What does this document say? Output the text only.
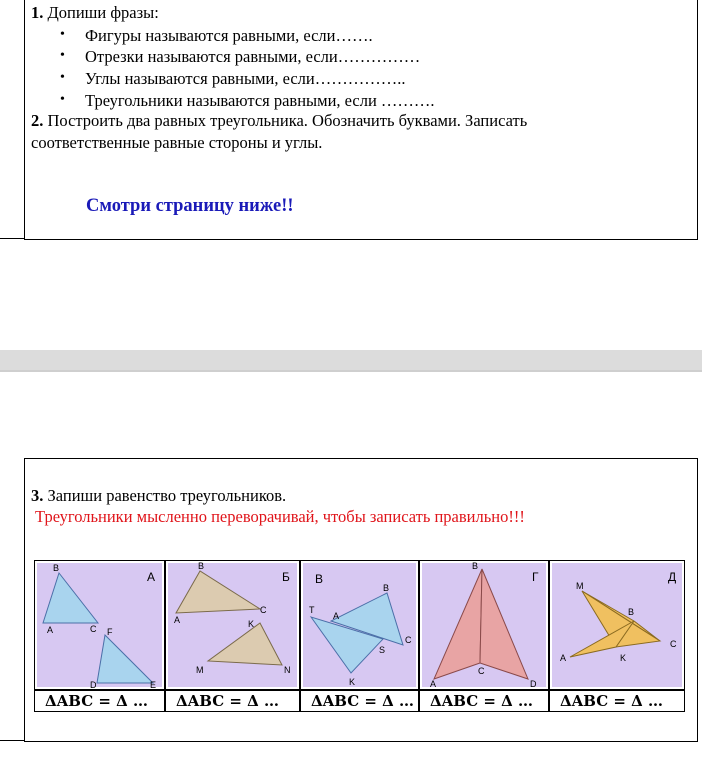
1. Допиши фразы:
• Фигуры называются равными, если…….
• Отрезки называются равными, если……………
• Углы называются равными, если……………..
• Треугольники называются равными, если ……….
2. Построить два равных треугольника. Обозначить буквами. Записать
соответственные равные стороны и углы.
Смотри страницу ниже!!
3. Запиши равенство треугольников.
Треугольники мысленно переворачивай, чтобы записать правильно!!!
B
A	C F
D	E
А
B
A
C
K
M	N
Б В
B
T
A
C
S
K
B
C
A	D
Г
M
B
C
A	K
Д
ΔABC = Δ …	ΔABC = Δ …	ΔABC = Δ …	ΔABC = Δ …	ΔABC = Δ …
